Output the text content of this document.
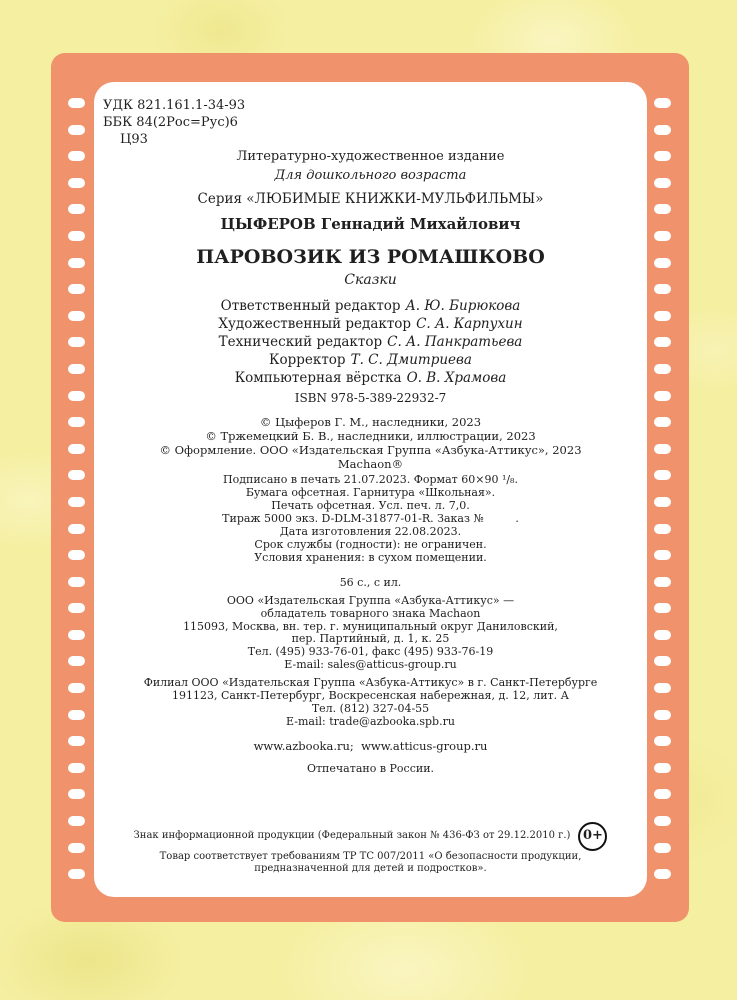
УДК 821.161.1-34-93
ББК 84(2Рос=Рус)6
Ц93
Литературно-художественное издание
Для дошкольного возраста
Серия «ЛЮБИМЫЕ КНИЖКИ-МУЛЬФИЛЬМЫ»
ЦЫФЕРОВ Геннадий Михайлович
ПАРОВОЗИК ИЗ РОМАШКОВО
Сказки
Ответственный редактор А. Ю. Бирюкова
Художественный редактор С. А. Карпухин
Технический редактор С. А. Панкратьева
Корректор Т. С. Дмитриева
Компьютерная вёрстка О. В. Храмова
ISBN 978-5-389-22932-7
© Цыферов Г. М., наследники, 2023
© Тржемецкий Б. В., наследники, иллюстрации, 2023
© Оформление. ООО «Издательская Группа «Азбука-Аттикус», 2023
Machaon®
Подписано в печать 21.07.2023. Формат 60×90 ¹/₈.
Бумага офсетная. Гарнитура «Школьная».
Печать офсетная. Усл. печ. л. 7,0.
Тираж 5000 экз. D-DLM-31877-01-R. Заказ №         .
Дата изготовления 22.08.2023.
Срок службы (годности): не ограничен.
Условия хранения: в сухом помещении.
56 с., с ил.
ООО «Издательская Группа «Азбука-Аттикус» —
обладатель товарного знака Machaon
115093, Москва, вн. тер. г. муниципальный округ Даниловский,
пер. Партийный, д. 1, к. 25
Тел. (495) 933-76-01, факс (495) 933-76-19
E-mail: sales@atticus-group.ru
Филиал ООО «Издательская Группа «Азбука-Аттикус» в г. Санкт-Петербурге
191123, Санкт-Петербург, Воскресенская набережная, д. 12, лит. А
Тел. (812) 327-04-55
E-mail: trade@azbooka.spb.ru
www.azbooka.ru;  www.atticus-group.ru
Отпечатано в России.
Знак информационной продукции (Федеральный закон № 436-ФЗ от 29.12.2010 г.) 0+
Товар соответствует требованиям ТР ТС 007/2011 «О безопасности продукции,
предназначенной для детей и подростков».
